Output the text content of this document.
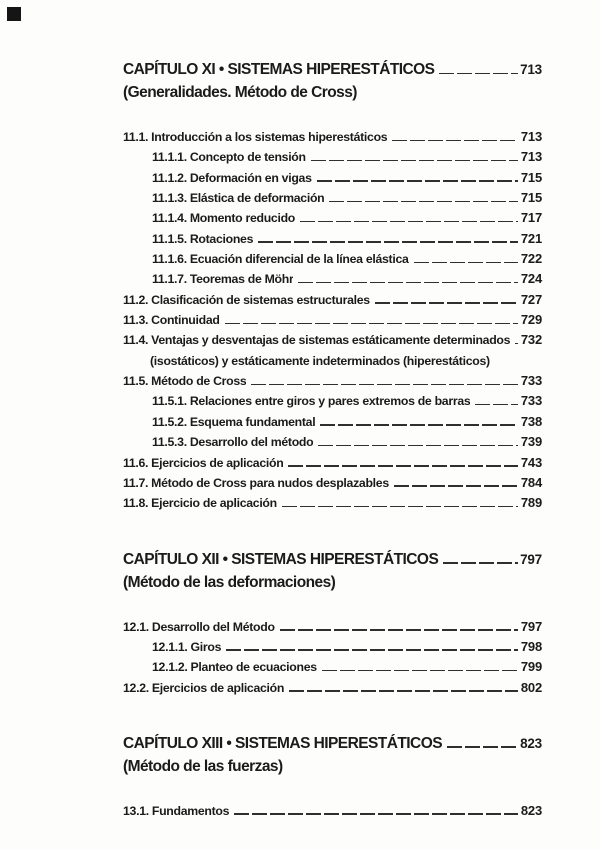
CAPÍTULO XI • SISTEMAS HIPERESTÁTICOS	713
(Generalidades. Método de Cross)
11.1. Introducción a los sistemas hiperestáticos	713
11.1.1. Concepto de tensión	713
11.1.2. Deformación en vigas	715
11.1.3. Elástica de deformación	715
11.1.4. Momento reducido	717
11.1.5. Rotaciones	721
11.1.6. Ecuación diferencial de la línea elástica	722
11.1.7. Teoremas de Möhr	724
11.2. Clasificación de sistemas estructurales	727
11.3. Continuidad	729
11.4. Ventajas y desventajas de sistemas estáticamente determinados 732
(isostáticos) y estáticamente indeterminados (hiperestáticos)
11.5. Método de Cross	733
11.5.1. Relaciones entre giros y pares extremos de barras	733
11.5.2. Esquema fundamental	738
11.5.3. Desarrollo del método	739
11.6. Ejercicios de aplicación	743
11.7. Método de Cross para nudos desplazables	784
11.8. Ejercicio de aplicación	789
CAPÍTULO XII • SISTEMAS HIPERESTÁTICOS	797
(Método de las deformaciones)
12.1. Desarrollo del Método	797
12.1.1. Giros	798
12.1.2. Planteo de ecuaciones	799
12.2. Ejercicios de aplicación	802
CAPÍTULO XIII • SISTEMAS HIPERESTÁTICOS	823
(Método de las fuerzas)
13.1. Fundamentos	823
